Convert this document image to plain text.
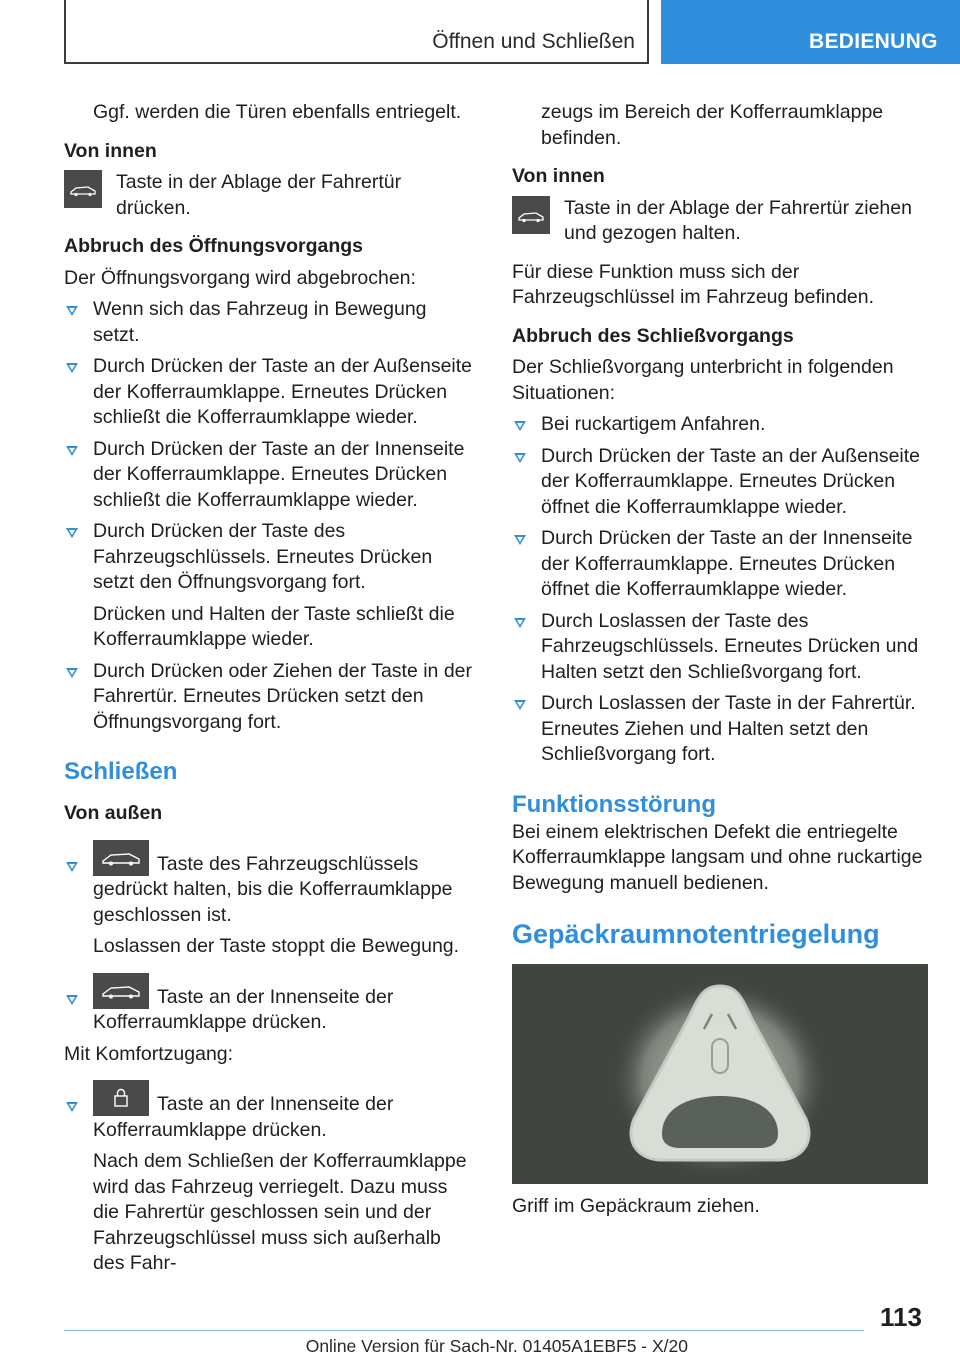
Öffnen und Schließen	BEDIENUNG

Ggf. werden die Türen ebenfalls entriegelt.

Von innen

Taste in der Ablage der Fahrertür drücken.

Abbruch des Öffnungsvorgangs

Der Öffnungsvorgang wird abgebrochen:

Wenn sich das Fahrzeug in Bewegung setzt.

Durch Drücken der Taste an der Außenseite der Kofferraumklappe. Erneutes Drücken schließt die Kofferraumklappe wieder.

Durch Drücken der Taste an der Innenseite der Kofferraumklappe. Erneutes Drücken schließt die Kofferraumklappe wieder.

Durch Drücken der Taste des Fahrzeugschlüssels. Erneutes Drücken setzt den Öffnungsvorgang fort.

Drücken und Halten der Taste schließt die Kofferraumklappe wieder.

Durch Drücken oder Ziehen der Taste in der Fahrertür. Erneutes Drücken setzt den Öffnungsvorgang fort.

Schließen

Von außen

Taste des Fahrzeugschlüssels gedrückt halten, bis die Kofferraumklappe geschlossen ist.

Loslassen der Taste stoppt die Bewegung.

Taste an der Innenseite der Kofferraumklappe drücken.

Mit Komfortzugang:

Taste an der Innenseite der Kofferraumklappe drücken.

Nach dem Schließen der Kofferraumklappe wird das Fahrzeug verriegelt. Dazu muss die Fahrertür geschlossen sein und der Fahrzeugschlüssel muss sich außerhalb des Fahr-

zeugs im Bereich der Kofferraumklappe befinden.

Von innen

Taste in der Ablage der Fahrertür ziehen und gezogen halten.

Für diese Funktion muss sich der Fahrzeugschlüssel im Fahrzeug befinden.

Abbruch des Schließvorgangs

Der Schließvorgang unterbricht in folgenden Situationen:

Bei ruckartigem Anfahren.

Durch Drücken der Taste an der Außenseite der Kofferraumklappe. Erneutes Drücken öffnet die Kofferraumklappe wieder.

Durch Drücken der Taste an der Innenseite der Kofferraumklappe. Erneutes Drücken öffnet die Kofferraumklappe wieder.

Durch Loslassen der Taste des Fahrzeugschlüssels. Erneutes Drücken und Halten setzt den Schließvorgang fort.

Durch Loslassen der Taste in der Fahrertür. Erneutes Ziehen und Halten setzt den Schließvorgang fort.

Funktionsstörung

Bei einem elektrischen Defekt die entriegelte Kofferraumklappe langsam und ohne ruckartige Bewegung manuell bedienen.

Gepäckraumnotentriegelung

Griff im Gepäckraum ziehen.

113
Online Version für Sach-Nr. 01405A1EBF5 - X/20
